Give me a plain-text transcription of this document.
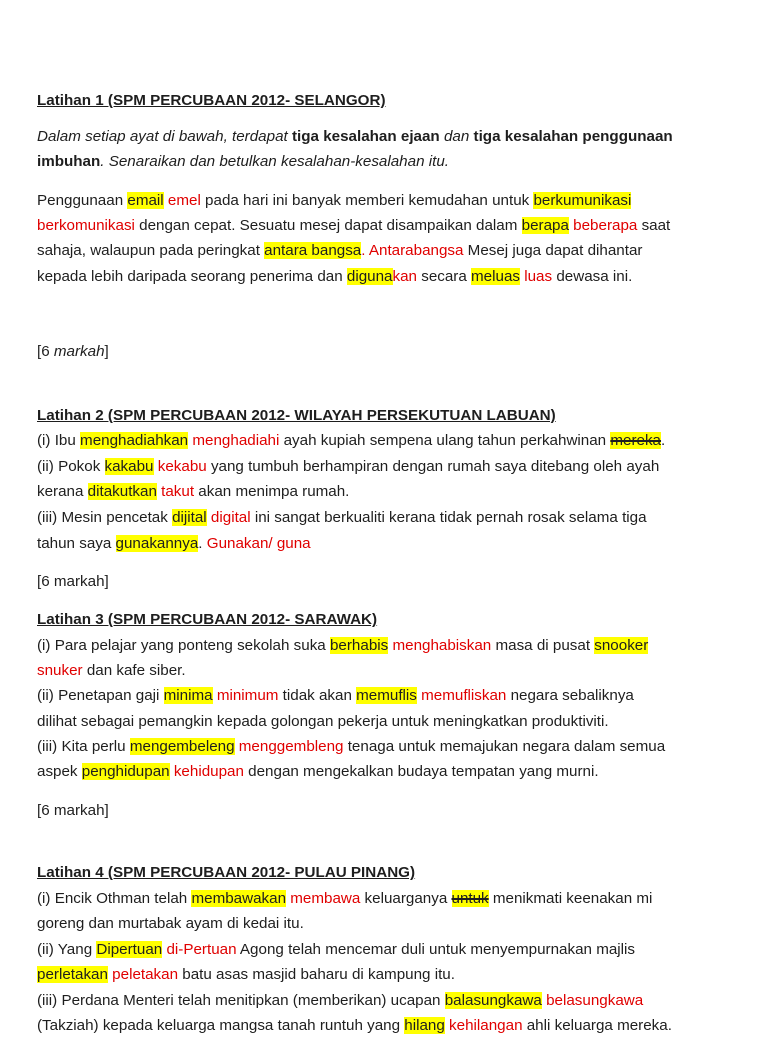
Latihan 1 (SPM PERCUBAAN 2012- SELANGOR)

Dalam setiap ayat di bawah, terdapat tiga kesalahan ejaan dan tiga kesalahan penggunaan

imbuhan. Senaraikan dan betulkan kesalahan-kesalahan itu.

Penggunaan email emel pada hari ini banyak memberi kemudahan untuk berkumunikasi

berkomunikasi dengan cepat. Sesuatu mesej dapat disampaikan dalam berapa beberapa saat

sahaja, walaupun pada peringkat antara bangsa. Antarabangsa Mesej juga dapat dihantar

kepada lebih daripada seorang penerima dan digunakan secara meluas luas dewasa ini.

[6 markah]

Latihan 2 (SPM PERCUBAAN 2012- WILAYAH PERSEKUTUAN LABUAN)

(i) Ibu menghadiahkan menghadiahi ayah kupiah sempena ulang tahun perkahwinan mereka.

(ii) Pokok kakabu kekabu yang tumbuh berhampiran dengan rumah saya ditebang oleh ayah

kerana ditakutkan takut akan menimpa rumah.

(iii) Mesin pencetak dijital digital ini sangat berkualiti kerana tidak pernah rosak selama tiga

tahun saya gunakannya. Gunakan/ guna

[6 markah]

Latihan 3 (SPM PERCUBAAN 2012- SARAWAK)

(i) Para pelajar yang ponteng sekolah suka berhabis menghabiskan masa di pusat snooker

snuker dan kafe siber.

(ii) Penetapan gaji minima minimum tidak akan memuflis memufliskan negara sebaliknya

dilihat sebagai pemangkin kepada golongan pekerja untuk meningkatkan produktiviti.

(iii) Kita perlu mengembeleng menggembleng tenaga untuk memajukan negara dalam semua

aspek penghidupan kehidupan dengan mengekalkan budaya tempatan yang murni.

[6 markah]

Latihan 4 (SPM PERCUBAAN 2012- PULAU PINANG)

(i) Encik Othman telah membawakan membawa keluarganya untuk menikmati keenakan mi

goreng dan murtabak ayam di kedai itu.

(ii) Yang Dipertuan di-Pertuan Agong telah mencemar duli untuk menyempurnakan majlis

perletakan peletakan batu asas masjid baharu di kampung itu.

(iii) Perdana Menteri telah menitipkan (memberikan) ucapan balasungkawa belasungkawa

(Takziah) kepada keluarga mangsa tanah runtuh yang hilang kehilangan ahli keluarga mereka.
